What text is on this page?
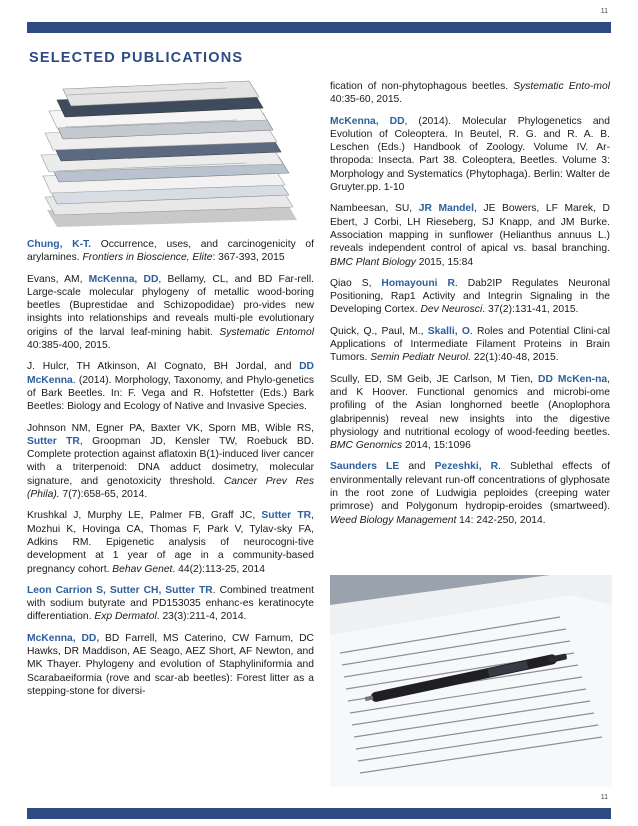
11
SELECTED PUBLICATIONS

Chung, K-T. Occurrence, uses, and carcinogenicity of arylamines. Frontiers in Bioscience, Elite: 367-393, 2015

Evans, AM, McKenna, DD, Bellamy, CL, and BD Far-rell. Large-scale molecular phylogeny of metallic wood-boring beetles (Buprestidae and Schizopodidae) pro-vides new insights into relationships and reveals multi-ple evolutionary origins of the larval leaf-mining habit. Systematic Entomol 40:385-400, 2015.

J. Hulcr, TH Atkinson, AI Cognato, BH Jordal, and DD McKenna. (2014). Morphology, Taxonomy, and Phylo-genetics of Bark Beetles. In: F. Vega and R. Hofstetter (Eds.) Bark Beetles: Biology and Ecology of Native and Invasive Species.

Johnson NM, Egner PA, Baxter VK, Sporn MB, Wible RS, Sutter TR, Groopman JD, Kensler TW, Roebuck BD. Complete protection against aflatoxin B(1)-induced liver cancer with a triterpenoid: DNA adduct dosimetry, molecular signature, and genotoxicity threshold. Cancer Prev Res (Phila). 7(7):658-65, 2014.

Krushkal J, Murphy LE, Palmer FB, Graff JC, Sutter TR, Mozhui K, Hovinga CA, Thomas F, Park V, Tylav-sky FA, Adkins RM. Epigenetic analysis of neurocogni-tive development at 1 year of age in a community-based pregnancy cohort. Behav Genet. 44(2):113-25, 2014

Leon Carrion S, Sutter CH, Sutter TR. Combined treatment with sodium butyrate and PD153035 enhanc-es keratinocyte differentiation. Exp Dermatol. 23(3):211-4, 2014.

McKenna, DD, BD Farrell, MS Caterino, CW Farnum, DC Hawks, DR Maddison, AE Seago, AEZ Short, AF Newton, and MK Thayer. Phylogeny and evolution of Staphyliniformia and Scarabaeiformia (rove and scar-ab beetles): Forest litter as a stepping-stone for diversi-

fication of non-phytophagous beetles. Systematic Ento-mol 40:35-60, 2015.

McKenna, DD, (2014). Molecular Phylogenetics and Evolution of Coleoptera. In Beutel, R. G. and R. A. B. Leschen (Eds.) Handbook of Zoology. Volume IV. Ar-thropoda: Insecta. Part 38. Coleoptera, Beetles. Volume 3: Morphology and Systematics (Phytophaga). Berlin: Walter de Gruyter.pp. 1-10

Nambeesan, SU, JR Mandel, JE Bowers, LF Marek, D Ebert, J Corbi, LH Rieseberg, SJ Knapp, and JM Burke. Association mapping in sunflower (Helianthus annuus L.) reveals independent control of apical vs. basal branching. BMC Plant Biology 2015, 15:84

Qiao S, Homayouni R. Dab2IP Regulates Neuronal Positioning, Rap1 Activity and Integrin Signaling in the Developing Cortex. Dev Neurosci. 37(2):131-41, 2015.

Quick, Q., Paul, M., Skalli, O. Roles and Potential Clini-cal Applications of Intermediate Filament Proteins in Brain Tumors. Semin Pediatr Neurol. 22(1):40-48, 2015.

Scully, ED, SM Geib, JE Carlson, M Tien, DD McKen-na, and K Hoover. Functional genomics and microbi-ome profiling of the Asian longhorned beetle (Anoplophora glabripennis) reveal new insights into the digestive physiology and nutritional ecology of wood-feeding beetles. BMC Genomics 2014, 15:1096

Saunders LE and Pezeshki, R. Sublethal effects of environmentally relevant run-off concentrations of glyphosate in the root zone of Ludwigia peploides (creeping water primrose) and Polygonum hydropip-eroides (smartweed). Weed Biology Management 14: 242-250, 2014.

11
